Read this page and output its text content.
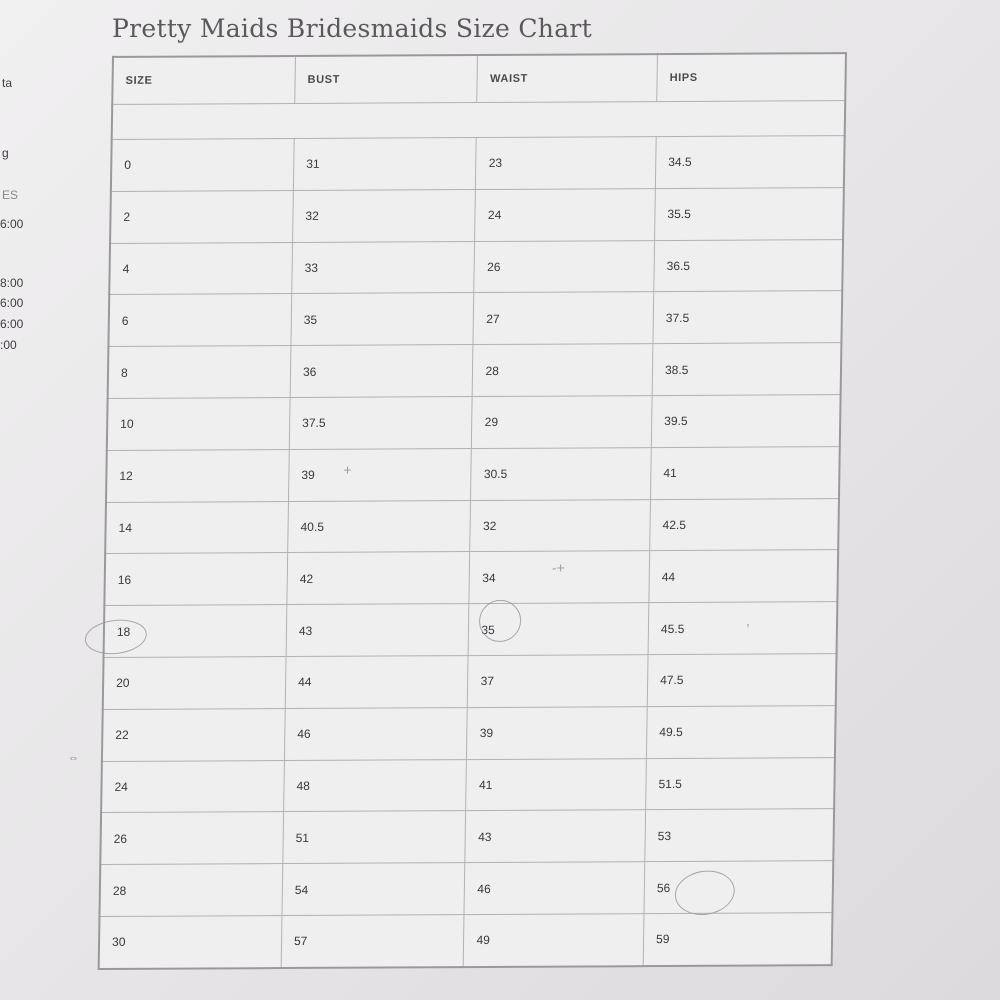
ta
g
ES
6:00
8:00
6:00
6:00
:00
⇔
Pretty Maids Bridesmaids Size Chart
SIZE	BUST	WAIST	HIPS

0	31	23	34.5
2	32	24	35.5
4	33	26	36.5
6	35	27	37.5
8	36	28	38.5
10	37.5	29	39.5
12	39	30.5	41
14	40.5	32	42.5
16	42	34	44
18	43	35	45.5
20	44	37	47.5
22	46	39	49.5
24	48	41	51.5
26	51	43	53
28	54	46	56
30	57	49	59
+
-+
,
